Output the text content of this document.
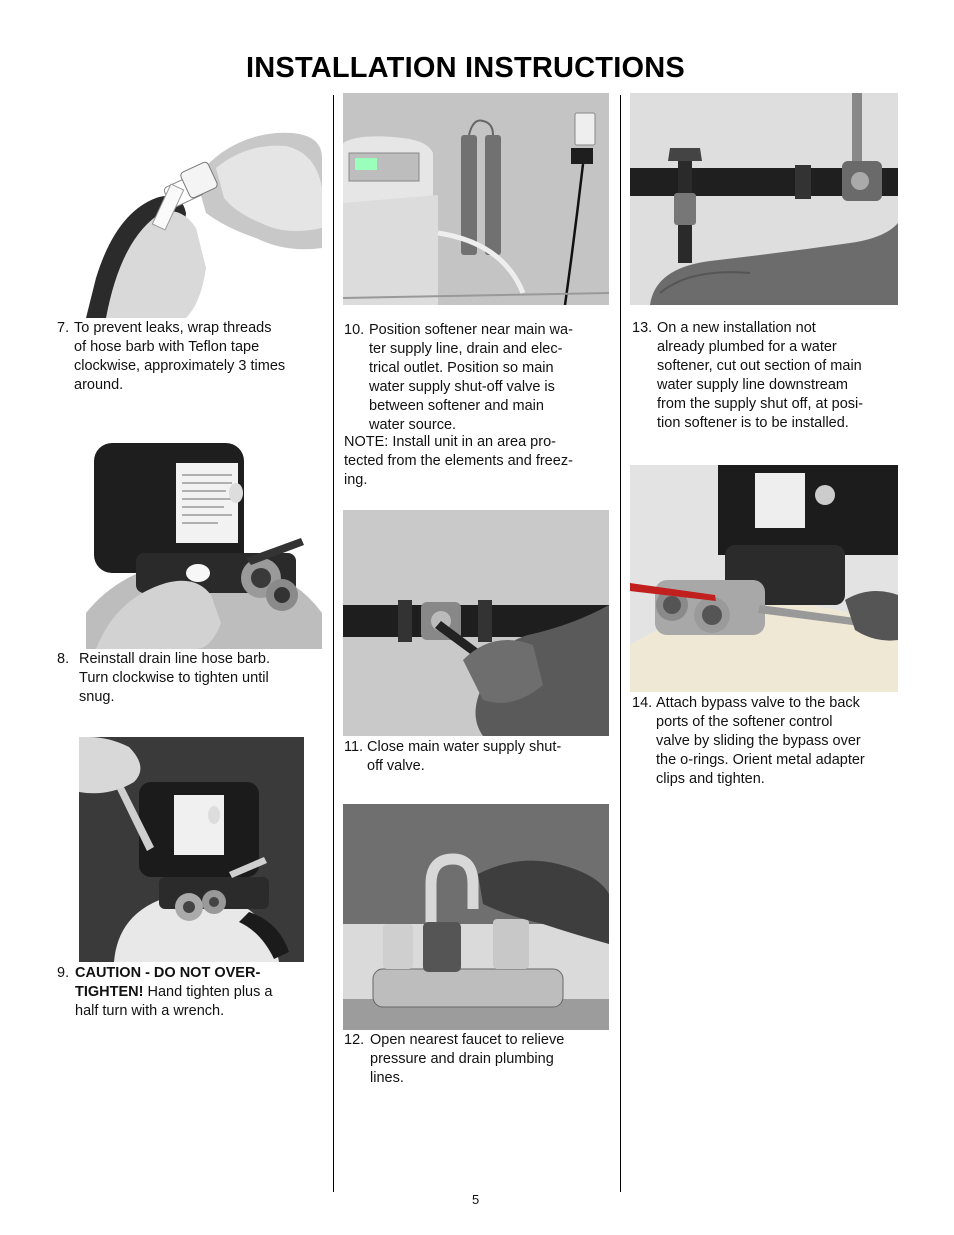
INSTALLATION INSTRUCTIONS
7. To prevent leaks, wrap threads
of hose barb with Teflon tape
clockwise, approximately 3 times
around.
8. Reinstall drain line hose barb.
Turn clockwise to tighten until
snug.
9. CAUTION - DO NOT OVER-
TIGHTEN! Hand tighten plus a
half turn with a wrench.
10. Position softener near main wa-
ter supply line, drain and elec-
trical outlet. Position so main
water supply shut-off valve is
between softener and main
water source.
NOTE: Install unit in an area pro-
tected from the elements and freez-
ing.
11. Close main water supply shut-
off valve.
12. Open nearest faucet to relieve
pressure and drain plumbing
lines.
13. On a new installation not
already plumbed for a water
softener, cut out section of main
water supply line downstream
from the supply shut off, at posi-
tion softener is to be installed.
14. Attach bypass valve to the back
ports of the softener control
valve by sliding the bypass over
the o-rings. Orient metal adapter
clips and tighten.
5
